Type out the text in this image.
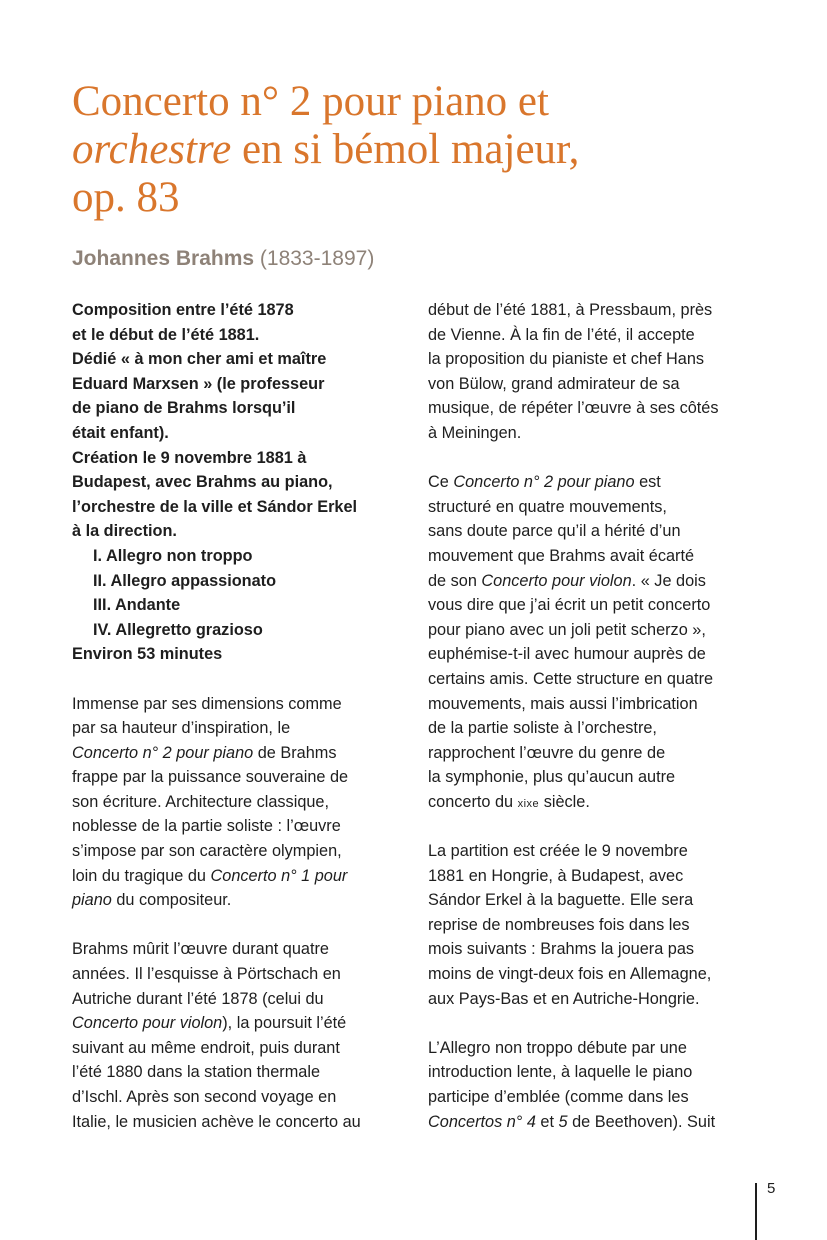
Concerto n° 2 pour piano et
orchestre en si bémol majeur,
op. 83
Johannes Brahms (1833-1897)
Composition entre l’été 1878
et le début de l’été 1881.
Dédié « à mon cher ami et maître
Eduard Marxsen » (le professeur
de piano de Brahms lorsqu’il
était enfant).
Création le 9 novembre 1881 à
Budapest, avec Brahms au piano,
l’orchestre de la ville et Sándor Erkel
à la direction.
I. Allegro non troppo
II. Allegro appassionato
III. Andante
IV. Allegretto grazioso
Environ 53 minutes
Immense par ses dimensions comme
par sa hauteur d’inspiration, le
Concerto n° 2 pour piano de Brahms
frappe par la puissance souveraine de
son écriture. Architecture classique,
noblesse de la partie soliste : l’œuvre
s’impose par son caractère olympien,
loin du tragique du Concerto n° 1 pour
piano du compositeur.
Brahms mûrit l’œuvre durant quatre
années. Il l’esquisse à Pörtschach en
Autriche durant l’été 1878 (celui du
Concerto pour violon), la poursuit l’été
suivant au même endroit, puis durant
l’été 1880 dans la station thermale
d’Ischl. Après son second voyage en
Italie, le musicien achève le concerto au
début de l’été 1881, à Pressbaum, près
de Vienne. À la fin de l’été, il accepte
la proposition du pianiste et chef Hans
von Bülow, grand admirateur de sa
musique, de répéter l’œuvre à ses côtés
à Meiningen.
Ce Concerto n° 2 pour piano est
structuré en quatre mouvements,
sans doute parce qu’il a hérité d’un
mouvement que Brahms avait écarté
de son Concerto pour violon. « Je dois
vous dire que j’ai écrit un petit concerto
pour piano avec un joli petit scherzo »,
euphémise-t-il avec humour auprès de
certains amis. Cette structure en quatre
mouvements, mais aussi l’imbrication
de la partie soliste à l’orchestre,
rapprochent l’œuvre du genre de
la symphonie, plus qu’aucun autre
concerto du xixe siècle.
La partition est créée le 9 novembre
1881 en Hongrie, à Budapest, avec
Sándor Erkel à la baguette. Elle sera
reprise de nombreuses fois dans les
mois suivants : Brahms la jouera pas
moins de vingt-deux fois en Allemagne,
aux Pays-Bas et en Autriche-Hongrie.
L’Allegro non troppo débute par une
introduction lente, à laquelle le piano
participe d’emblée (comme dans les
Concertos n° 4 et 5 de Beethoven). Suit
5
